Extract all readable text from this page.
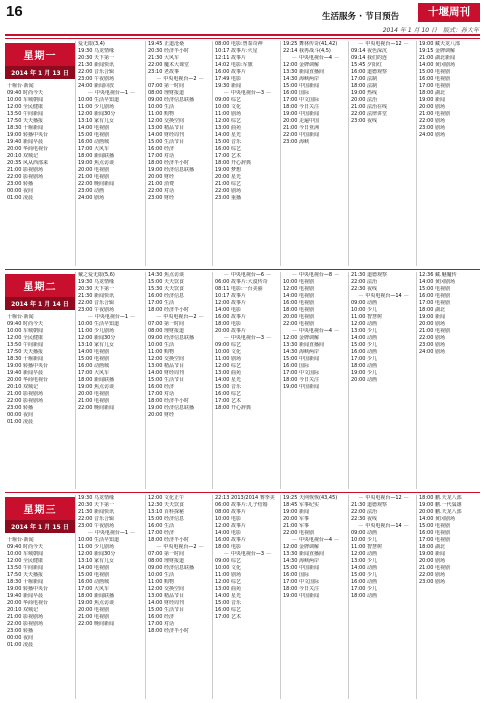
16	生活服务 · 节目预告	十堰周刊
2014 年 1 月 10 日　版式：孙大年
星期一
2014 年 1 月 13 日
十堰台·新闻
09:40 时尚今天
10:00 车城朝闻
12:00 全民健康
13:50 午间新闻
17:50 天天播报
18:30 十堰新闻
19:00 转播中央台
19:40 新闻早晨
20:00 华商电视台
20:10 双城记
20:35 风从西部来
21:00 影视剧场
22:00 影视剧场
23:00 转播
00:00 夜间
01:00 凌晨
爱无限(3,4)
19:30 乌龙情缘
20:30 天下第一
21:30 新闻快讯
22:00 音乐合辑
23:00 午夜剧场
24:00 新闻回放
— 中央电视台—1 —
10:00 生活早知道
11:00 少儿剧场
12:00 新闻30分
13:10 家有儿女
14:00 电视剧
15:00 电视剧
16:00 动画城
17:00 大风车
18:00 新闻联播
19:00 焦点访谈
20:00 电视剧
21:00 电视剧
22:00 晚间新闻
23:00 动画
24:00 剧场
19:45 正道沧桑
20:30 经济半小时
21:30 大风车
22:00 魔术大课堂
23:10 老故事
— 中央电视台—2 —
07:00 第一时间
08:00 理财报道
09:00 经济信息联播
10:00 生活
11:00 购物
12:00 交换空间
13:00 精品节目
14:00 财经周刊
15:00 生活节目
16:00 经济
17:00 对话
18:00 经济半小时
19:00 经济信息联播
20:00 财经
21:00 消费
22:00 对话
23:00 财经
08:00 电影:曾泰奇神
10:17 故事片:火星
12:11 故事片
14:02 电影:军旗
16:00 故事片
17:49 电影
19:30 新闻
— 中央电视台—3 —
09:00 综艺
10:00 文化
11:00 剧场
12:00 综艺
13:00 曲苑
14:00 星光
15:00 音乐
16:00 综艺
17:00 艺术
18:00 开心辞典
19:00 梦想
20:00 星光
21:00 综艺
22:00 剧场
23:00 重播
19:25 舞林传奇(41,42)
22:14 我再战斗(4,5)
— 中央电视台—4 —
12:00 金牌调解
13:30 新闻直播间
14:30 海峡两岸
15:00 中国新闻
16:00 国际
17:00 中文国际
18:00 今日关注
19:00 中国新闻
20:00 走遍中国
21:00 今日亚洲
22:00 中国新闻
23:00 海峡
— 中央电视台—12 —
09:14 夜色深沉
09:14 我们的连
15:45 夕阳红
16:00 道德观察
17:00 法制
18:00 法制
19:00 热线
20:00 法治
21:00 法治在线
22:00 法律讲堂
23:00 夜线
19:00 藏天龙八部
19:15 金牌调解
21:00 湖北新闻
14:00 黄冈剧场
15:00 电视剧
16:00 电视剧
17:00 电视剧
18:00 湖北
19:00 新闻
20:00 剧场
21:00 电视剧
22:00 剧场
23:00 剧场
24:00 剧场
星期二
2014 年 1 月 14 日
十堰台·新闻
09:40 时尚今天
10:00 车城朝闻
12:00 全民健康
13:50 午间新闻
17:50 天天播报
18:30 十堰新闻
19:00 转播中央台
19:40 新闻早晨
20:00 华商电视台
20:10 双城记
21:00 影视剧场
22:00 影视剧场
23:00 转播
00:00 夜间
01:00 凌晨
戴之爱无限(5,6)
19:30 乌龙情缘
20:30 天下第一
21:30 新闻快讯
22:00 音乐合辑
23:00 午夜剧场
— 中央电视台—1 —
10:00 生活早知道
11:00 少儿剧场
12:00 新闻30分
13:10 家有儿女
14:00 电视剧
15:00 电视剧
16:00 动画城
17:00 大风车
18:00 新闻联播
19:00 焦点访谈
20:00 电视剧
21:00 电视剧
22:00 晚间新闻
14:30 焦点访谈
15:00 天天饮食
15:30 天天饮食
16:00 经济信息
17:00 生活
18:00 经济半小时
— 中央电视台—2 —
07:00 第一时间
08:00 理财报道
09:00 经济信息联播
10:00 生活
11:00 购物
12:00 交换空间
13:00 精品节目
14:00 财经周刊
15:00 生活节目
16:00 经济
17:00 对话
18:00 经济半小时
19:00 经济信息联播
20:00 财经
— 中央电视台—6 —
06:00 故事片:大漠传奇
08:11 电影:一台美丽
10:17 故事片
12:00 故事片
14:00 电影
16:00 故事片
18:00 电影
20:00 故事片
— 中央电视台—3 —
09:00 综艺
10:00 文化
11:00 剧场
12:00 综艺
13:00 曲苑
14:00 星光
15:00 音乐
16:00 综艺
17:00 艺术
18:00 开心辞典
— 中央电视台—8 —
10:00 电视剧
12:00 电视剧
14:00 电视剧
16:00 电视剧
18:00 电视剧
20:00 电视剧
22:00 电视剧
— 中央电视台—4 —
12:00 金牌调解
13:30 新闻直播间
14:30 海峡两岸
15:00 中国新闻
16:00 国际
17:00 中文国际
18:00 今日关注
19:00 中国新闻
21:30 道德观察
22:00 法治
22:30 夜线
— 中央电视台—14 —
09:00 动画
10:00 少儿
11:00 智慧树
12:00 动画
13:00 少儿
14:00 动画
15:00 少儿
16:00 动画
17:00 少儿
18:00 动画
19:00 少儿
20:00 动画
12:36 藏.魅魔传
14:00 黄冈剧场
15:00 电视剧
16:00 电视剧
17:00 电视剧
18:00 湖北
19:00 新闻
20:00 剧场
21:00 电视剧
22:00 剧场
23:00 剧场
24:00 剧场
星期三
2014 年 1 月 15 日
十堰台·新闻
09:40 时尚今天
10:00 车城朝闻
12:00 全民健康
13:50 午间新闻
17:50 天天播报
18:30 十堰新闻
19:00 转播中央台
19:40 新闻早晨
20:00 华商电视台
20:10 双城记
21:00 影视剧场
22:00 影视剧场
23:00 转播
00:00 夜间
01:00 凌晨
19:30 乌龙情缘
20:30 天下第一
21:30 新闻快讯
22:00 音乐合辑
23:00 午夜剧场
— 中央电视台—1 —
10:00 生活早知道
11:00 少儿剧场
12:00 新闻30分
13:10 家有儿女
14:00 电视剧
15:00 电视剧
16:00 动画城
17:00 大风车
18:00 新闻联播
19:00 焦点访谈
20:00 电视剧
21:00 电视剧
22:00 晚间新闻
12:00 文化正午
12:30 天天饮食
13:10 百科探秘
15:00 经济信息
16:00 生活
17:00 经济
18:00 经济半小时
— 中央电视台—2 —
07:00 第一时间
08:00 理财报道
09:00 经济信息联播
10:00 生活
11:00 购物
12:00 交换空间
13:00 精品节目
14:00 财经周刊
15:00 生活节目
16:00 经济
17:00 对话
18:00 经济半小时
22:13 2013/2014 赛季美
06:00 故事片:儿子结婚
08:00 故事片
10:00 电影
12:00 故事片
14:00 电影
16:00 故事片
18:00 电影
— 中央电视台—3 —
09:00 综艺
10:00 文化
11:00 剧场
12:00 综艺
13:00 曲苑
14:00 星光
15:00 音乐
16:00 综艺
17:00 艺术
19:25 天网恢恢(43,45)
18:45 军事纪实
19:00 新闻
20:00 军事
21:00 军事
22:00 电视剧
— 中央电视台—4 —
12:00 金牌调解
13:30 新闻直播间
14:30 海峡两岸
15:00 中国新闻
16:00 国际
17:00 中文国际
18:00 今日关注
19:00 中国新闻
— 中央电视台—12 —
21:30 道德观察
22:00 法治
22:30 夜线
— 中央电视台—14 —
09:00 动画
10:00 少儿
11:00 智慧树
12:00 动画
13:00 少儿
14:00 动画
15:00 少儿
16:00 动画
17:00 少儿
18:00 动画
18:00 鹏.天龙八部
19:00 鹏.一代枭雄
20:00 鹏.天龙八部
14:00 黄冈剧场
15:00 电视剧
16:00 电视剧
17:00 电视剧
18:00 湖北
19:00 新闻
20:00 剧场
21:00 电视剧
22:00 剧场
23:00 剧场
